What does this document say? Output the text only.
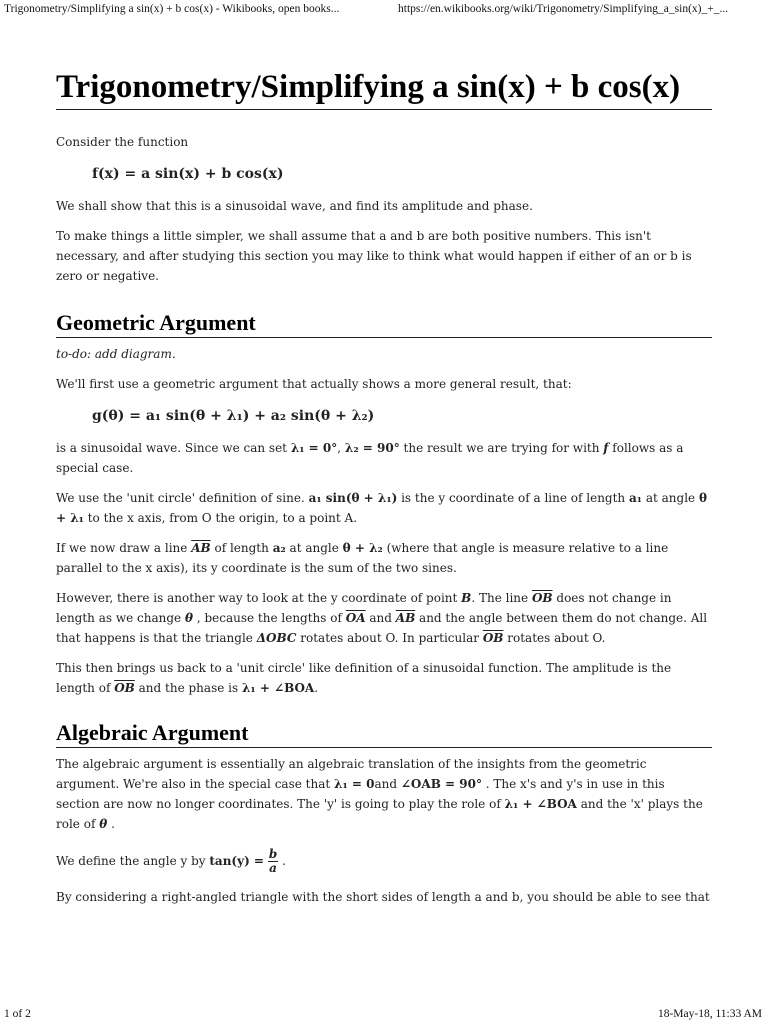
Trigonometry/Simplifying a sin(x) + b cos(x) - Wikibooks, open books...	https://en.wikibooks.org/wiki/Trigonometry/Simplifying_a_sin(x)_+_...
Trigonometry/Simplifying a sin(x) + b cos(x)

Consider the function

f(x) = a sin(x) + b cos(x)

We shall show that this is a sinusoidal wave, and find its amplitude and phase.

To make things a little simpler, we shall assume that a and b are both positive numbers. This isn't necessary, and after studying this section you may like to think what would happen if either of an or b is zero or negative.

Geometric Argument

to-do: add diagram.

We'll first use a geometric argument that actually shows a more general result, that:

g(θ) = a₁ sin(θ + λ₁) + a₂ sin(θ + λ₂)

is a sinusoidal wave. Since we can set λ₁ = 0°, λ₂ = 90° the result we are trying for with f follows as a special case.

We use the 'unit circle' definition of sine. a₁ sin(θ + λ₁) is the y coordinate of a line of length a₁ at angle θ + λ₁ to the x axis, from O the origin, to a point A.

If we now draw a line $\overline{AB}$ of length a₂ at angle θ + λ₂ (where that angle is measure relative to a line parallel to the x axis), its y coordinate is the sum of the two sines.

However, there is another way to look at the y coordinate of point B. The line $\overline{OB}$ does not change in length as we change θ , because the lengths of $\overline{OA}$ and $\overline{AB}$ and the angle between them do not change. All that happens is that the triangle ΔOBC rotates about O. In particular $\overline{OB}$ rotates about O.

This then brings us back to a 'unit circle' like definition of a sinusoidal function. The amplitude is the length of $\overline{OB}$ and the phase is λ₁ + ∠BOA.

Algebraic Argument

The algebraic argument is essentially an algebraic translation of the insights from the geometric argument. We're also in the special case that λ₁ = 0and ∠OAB = 90° . The x's and y's in use in this section are now no longer coordinates. The 'y' is going to play the role of λ₁ + ∠BOA and the 'x' plays the role of θ .

We define the angle y by $\tan(y) = \frac{b}{a}$ .

By considering a right-angled triangle with the short sides of length a and b, you should be able to see that

1 of 2	18-May-18, 11:33 AM
